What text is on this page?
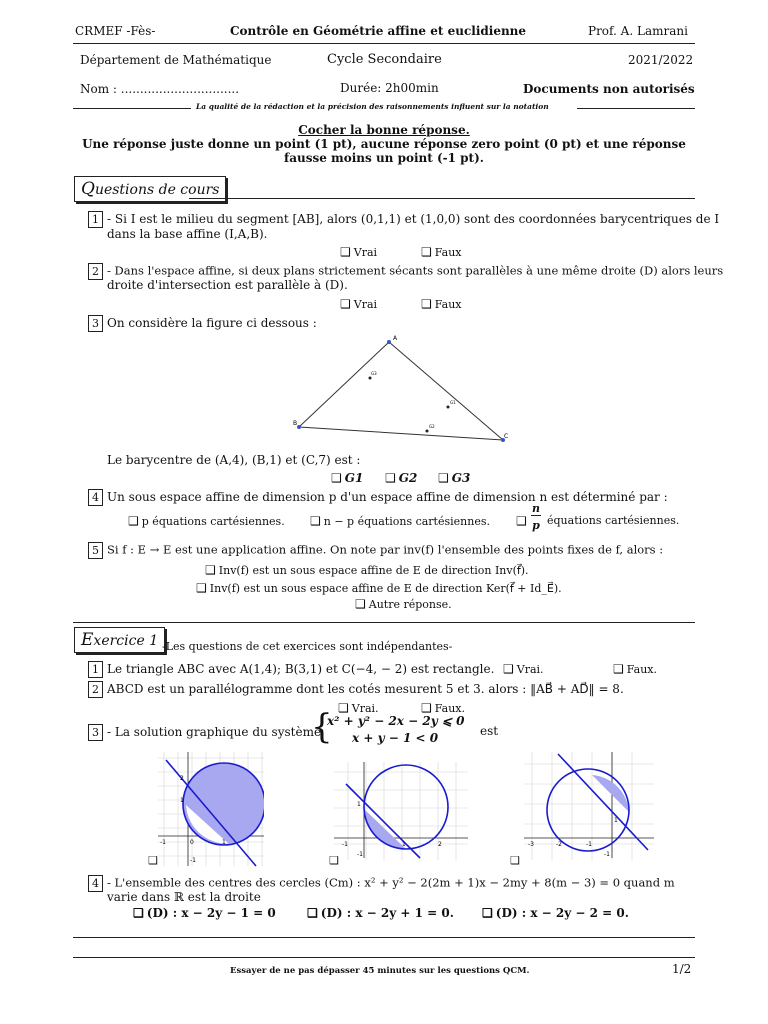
CRMEF -Fès-	Contrôle en Géométrie affine et euclidienne	Prof. A. Lamrani
Département de Mathématique	Cycle Secondaire	2021/2022
Nom : ...............................	Durée: 2h00min	Documents non autorisés
La qualité de la rédaction et la précision des raisonnements influent sur la notation
Cocher la bonne réponse.
Une réponse juste donne un point (1 pt), aucune réponse zero point (0 pt) et une réponse
fausse moins un point (-1 pt).
Questions de cours
1 - Si I est le milieu du segment [AB], alors (0,1,1) et (1,0,0) sont des coordonnées barycentriques de I
dans la base affine (I,A,B).
❑ Vrai	❑ Faux
2 - Dans l'espace affine, si deux plans strictement sécants sont parallèles à une même droite (D) alors leurs
droite d'intersection est parallèle à (D).
❑ Vrai	❑ Faux
3 On considère la figure ci dessous :
A
B
C
G3
G1
G2
Le barycentre de (A,4), (B,1) et (C,7) est :
❑ G1 ❑ G2 ❑ G3
4 Un sous espace affine de dimension p d'un espace affine de dimension n est déterminé par :
❑ p équations cartésiennes. ❑ n − p équations cartésiennes. ❑
n
p équations cartésiennes.
5 Si f : E → E est une application affine. On note par inv(f) l'ensemble des points fixes de f, alors :
❑ Inv(f) est un sous espace affine de E de direction Inv(f⃗).
❑ Inv(f) est un sous espace affine de E de direction Ker(f⃗ + Id_E⃗).
❑ Autre réponse.
Exercice 1 -Les questions de cet exercices sont indépendantes-
1 Le triangle ABC avec A(1,4); B(3,1) et C(−4, − 2) est rectangle. ❑ Vrai.	❑ Faux.
2 ABCD est un parallélogramme dont les cotés mesurent 5 et 3. alors : ‖AB⃗ + AD⃗‖ = 8.
❑ Vrai.	❑ Faux.
3 - La solution graphique du système
{
x² + y² − 2x − 2y ⩽ 0
x + y − 1 < 0	est
2
1
-1	0	1
-1
❑
1
-1	1	2
-1
❑
1
-3	-2	-1
-1
❑
4 - L'ensemble des centres des cercles (Cm) : x² + y² − 2(2m + 1)x − 2my + 8(m − 3) = 0 quand m
varie dans ℝ est la droite
❑ (D) : x − 2y − 1 = 0	❑ (D) : x − 2y + 1 = 0. ❑ (D) : x − 2y − 2 = 0.
Essayer de ne pas dépasser 45 minutes sur les questions QCM.	1/2
